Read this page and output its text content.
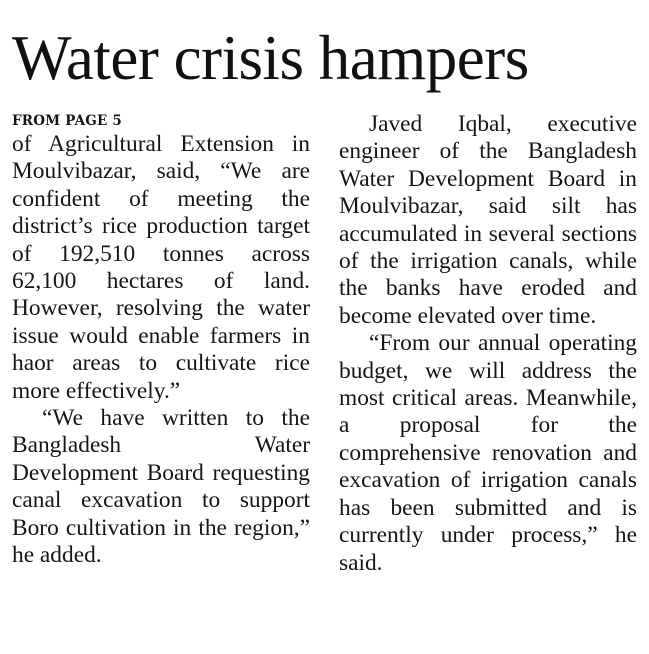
Water crisis hampers
FROM PAGE 5

of Agricultural Extension in Moulvibazar, said, “We are confident of meeting the district’s rice production target of 192,510 tonnes across 62,100 hectares of land. However, resolving the water issue would enable farmers in haor areas to cultivate rice more effectively.”

“We have written to the Bangladesh Water Development Board requesting canal excavation to support Boro cultivation in the region,” he added.

Javed Iqbal, executive engineer of the Bangladesh Water Development Board in Moulvibazar, said silt has accumulated in several sections of the irrigation canals, while the banks have eroded and become elevated over time.

“From our annual operating budget, we will address the most critical areas. Meanwhile, a proposal for the comprehensive renovation and excavation of irrigation canals has been submitted and is currently under process,” he said.
